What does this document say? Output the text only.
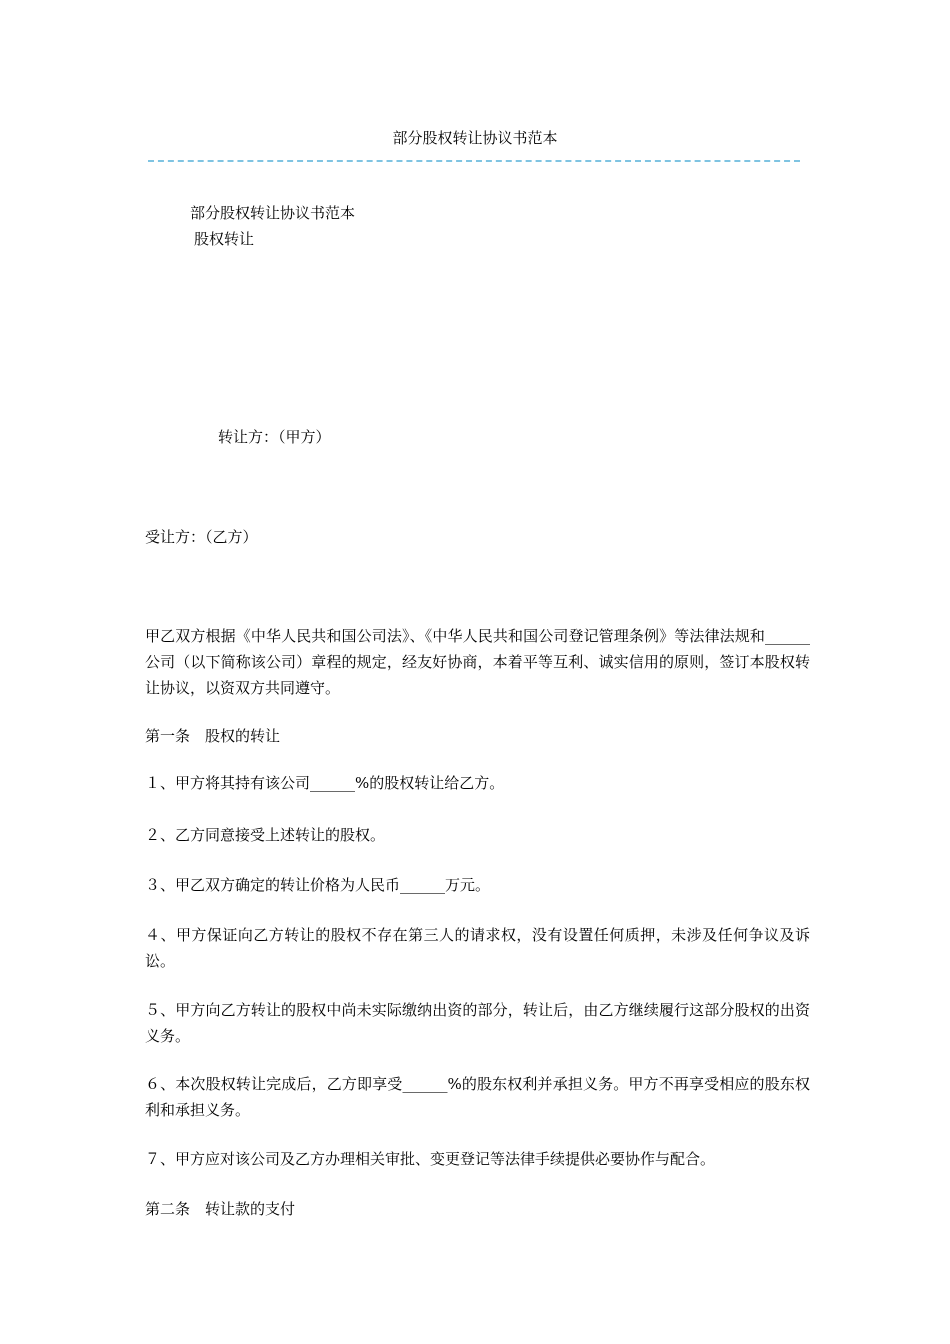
部分股权转让协议书范本
部分股权转让协议书范本
股权转让
转让方：（甲方）
受让方：（乙方）
甲乙双方根据《中华人民共和国公司法》、《中华人民共和国公司登记管理条例》等法律法规和______公司（以下简称该公司）章程的规定，经友好协商，本着平等互利、诚实信用的原则，签订本股权转让协议，以资双方共同遵守。
第一条　股权的转让
１、甲方将其持有该公司______%的股权转让给乙方。
２、乙方同意接受上述转让的股权。
３、甲乙双方确定的转让价格为人民币______万元。
４、甲方保证向乙方转让的股权不存在第三人的请求权，没有设置任何质押，未涉及任何争议及诉讼。
５、甲方向乙方转让的股权中尚未实际缴纳出资的部分，转让后，由乙方继续履行这部分股权的出资义务。
６、本次股权转让完成后，乙方即享受______%的股东权利并承担义务。甲方不再享受相应的股东权利和承担义务。
７、甲方应对该公司及乙方办理相关审批、变更登记等法律手续提供必要协作与配合。
第二条　转让款的支付
